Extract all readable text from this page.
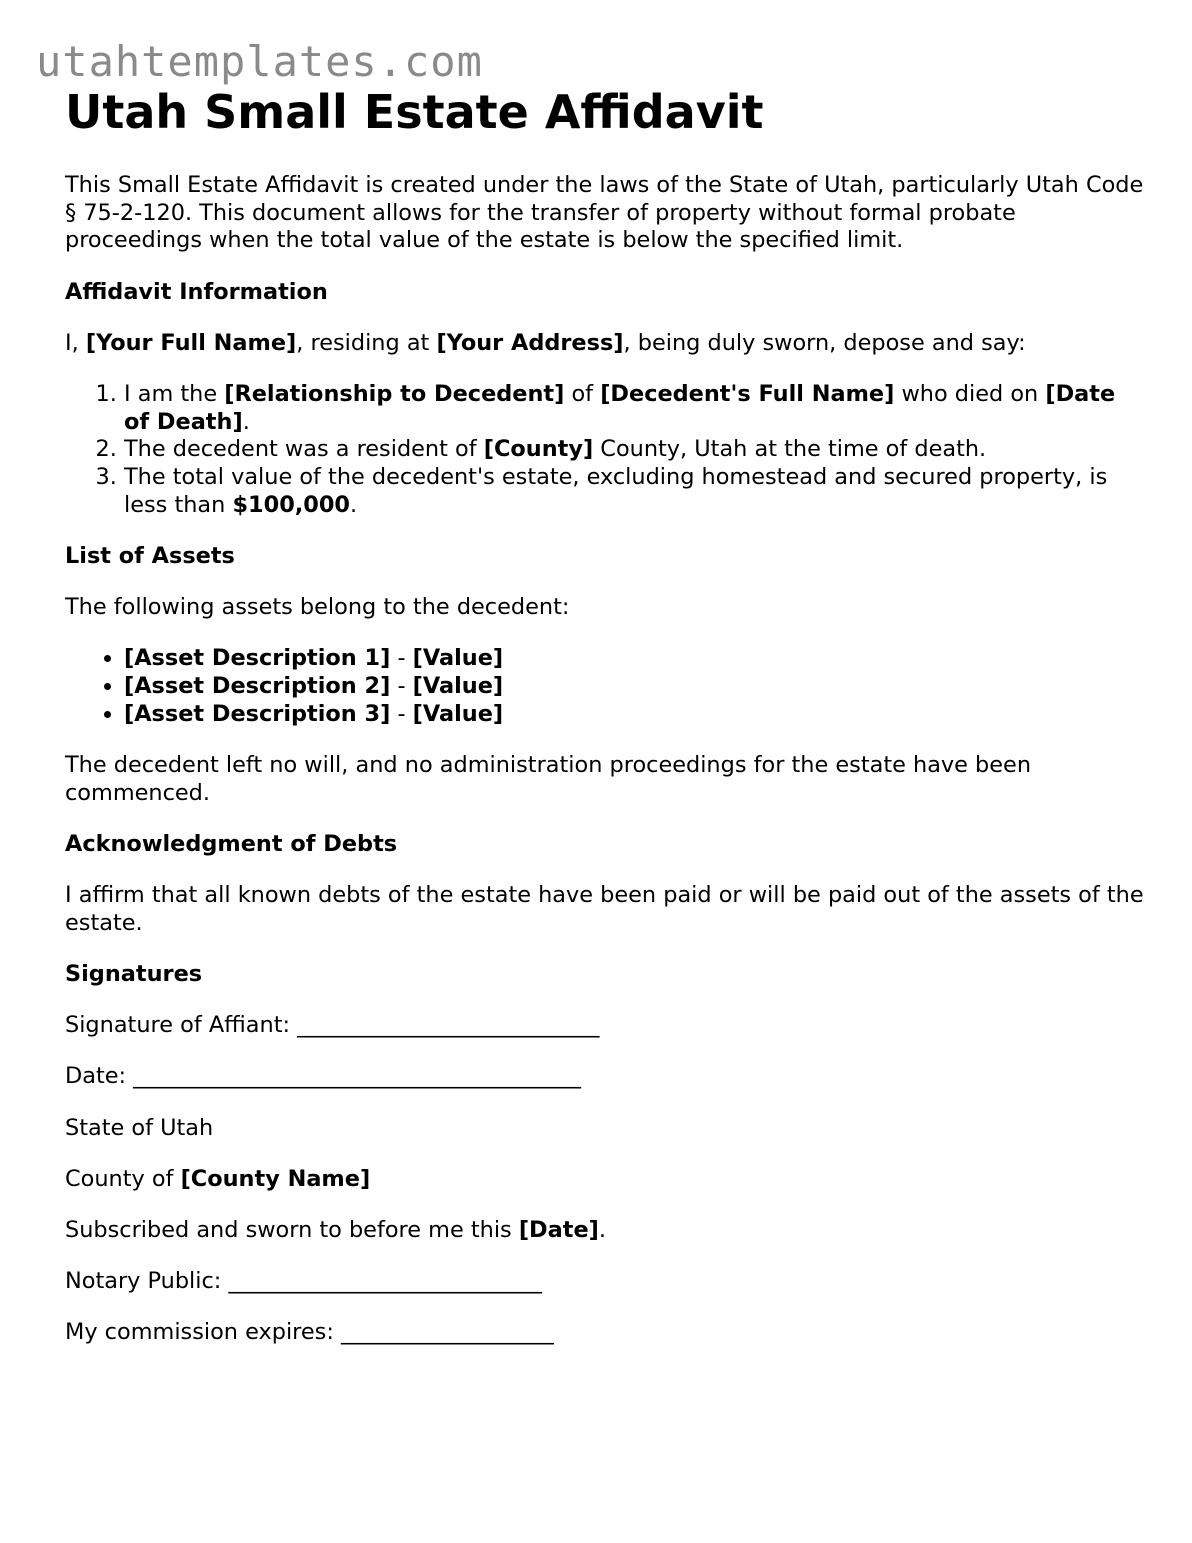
utahtemplates.com
Utah Small Estate Affidavit

This Small Estate Affidavit is created under the laws of the State of Utah, particularly Utah Code § 75-2-120. This document allows for the transfer of property without formal probate proceedings when the total value of the estate is below the specified limit.

Affidavit Information

I, [Your Full Name], residing at [Your Address], being duly sworn, depose and say:

1. I am the [Relationship to Decedent] of [Decedent's Full Name] who died on [Date of Death].
2. The decedent was a resident of [County] County, Utah at the time of death.
3. The total value of the decedent's estate, excluding homestead and secured property, is less than $100,000.
List of Assets

The following assets belong to the decedent:

• [Asset Description 1] - [Value]
• [Asset Description 2] - [Value]
• [Asset Description 3] - [Value]

The decedent left no will, and no administration proceedings for the estate have been commenced.

Acknowledgment of Debts

I affirm that all known debts of the estate have been paid or will be paid out of the assets of the estate.

Signatures

Signature of Affiant: ___________________________

Date: ________________________________________

State of Utah

County of [County Name]

Subscribed and sworn to before me this [Date].

Notary Public: ____________________________

My commission expires: ___________________
